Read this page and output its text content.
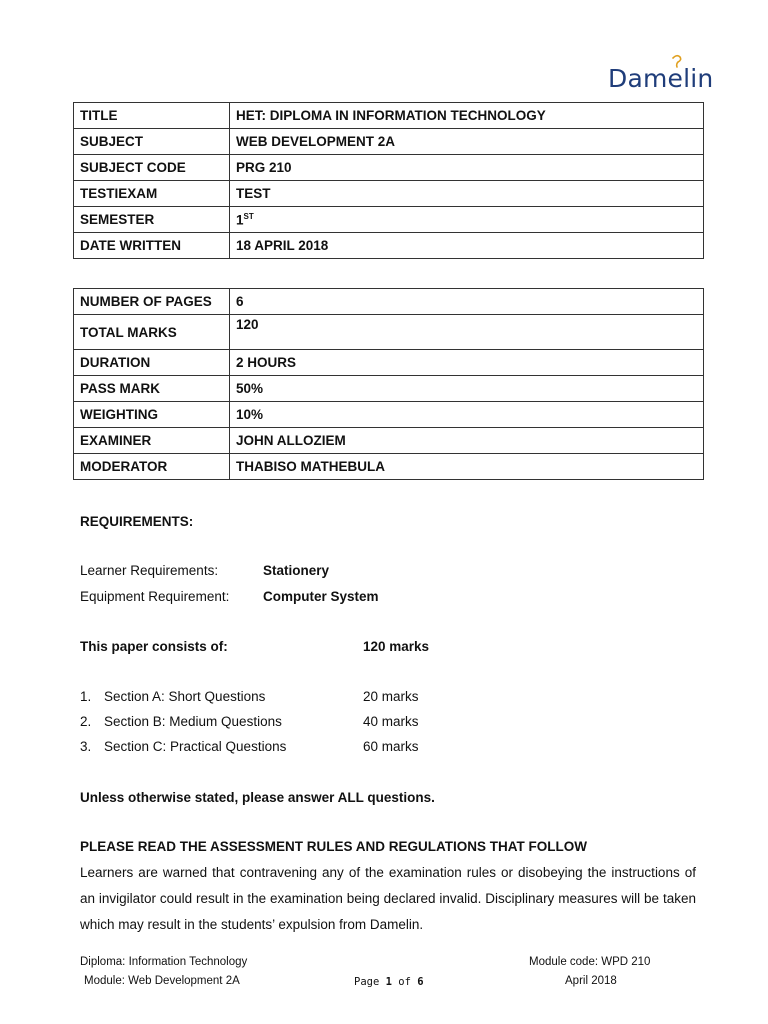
Damelin
TITLE	HET: DIPLOMA IN INFORMATION TECHNOLOGY
SUBJECT	WEB DEVELOPMENT 2A
SUBJECT CODE	PRG 210
TESTIEXAM	TEST
SEMESTER	1ST
DATE WRITTEN	18 APRIL 2018
NUMBER OF PAGES	6
TOTAL MARKS	120
DURATION	2 HOURS
PASS MARK	50%
WEIGHTING	10%
EXAMINER	JOHN ALLOZIEM
MODERATOR	THABISO MATHEBULA
REQUIREMENTS:
Learner Requirements:	Stationery
Equipment Requirement: Computer System
This paper consists of:	120 marks
1. Section A: Short Questions	20 marks
2. Section B: Medium Questions	40 marks
3. Section C: Practical Questions	60 marks
Unless otherwise stated, please answer ALL questions.
PLEASE READ THE ASSESSMENT RULES AND REGULATIONS THAT FOLLOW
Learners are warned that contravening any of the examination rules or disobeying the instructions of an invigilator could result in the examination being declared invalid. Disciplinary measures will be taken which may result in the students’ expulsion from Damelin.
Diploma: Information Technology
Module: Web Development 2A	Page 1 of 6
Module code: WPD 210
April 2018
